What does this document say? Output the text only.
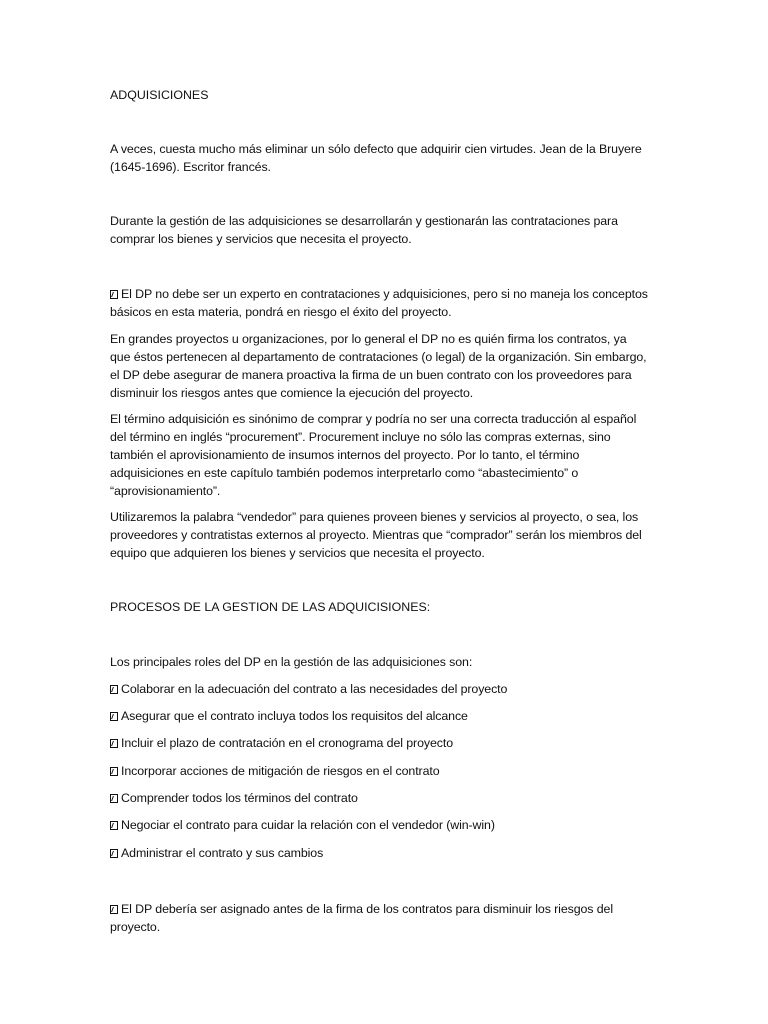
ADQUISICIONES

A veces, cuesta mucho más eliminar un sólo defecto que adquirir cien virtudes. Jean de la Bruyere (1645-1696). Escritor francés.

Durante la gestión de las adquisiciones se desarrollarán y gestionarán las contrataciones para comprar los bienes y servicios que necesita el proyecto.

El DP no debe ser un experto en contrataciones y adquisiciones, pero si no maneja los conceptos básicos en esta materia, pondrá en riesgo el éxito del proyecto.

En grandes proyectos u organizaciones, por lo general el DP no es quién firma los contratos, ya que éstos pertenecen al departamento de contrataciones (o legal) de la organización. Sin embargo, el DP debe asegurar de manera proactiva la firma de un buen contrato con los proveedores para disminuir los riesgos antes que comience la ejecución del proyecto.

El término adquisición es sinónimo de comprar y podría no ser una correcta traducción al español del término en inglés “procurement”. Procurement incluye no sólo las compras externas, sino también el aprovisionamiento de insumos internos del proyecto. Por lo tanto, el término adquisiciones en este capítulo también podemos interpretarlo como “abastecimiento” o “aprovisionamiento”.

Utilizaremos la palabra “vendedor” para quienes proveen bienes y servicios al proyecto, o sea, los proveedores y contratistas externos al proyecto. Mientras que “comprador” serán los miembros del equipo que adquieren los bienes y servicios que necesita el proyecto.

PROCESOS DE LA GESTION DE LAS ADQUICISIONES:

Los principales roles del DP en la gestión de las adquisiciones son:

Colaborar en la adecuación del contrato a las necesidades del proyecto
Asegurar que el contrato incluya todos los requisitos del alcance
Incluir el plazo de contratación en el cronograma del proyecto
Incorporar acciones de mitigación de riesgos en el contrato
Comprender todos los términos del contrato
Negociar el contrato para cuidar la relación con el vendedor (win-win)
Administrar el contrato y sus cambios

El DP debería ser asignado antes de la firma de los contratos para disminuir los riesgos del proyecto.
